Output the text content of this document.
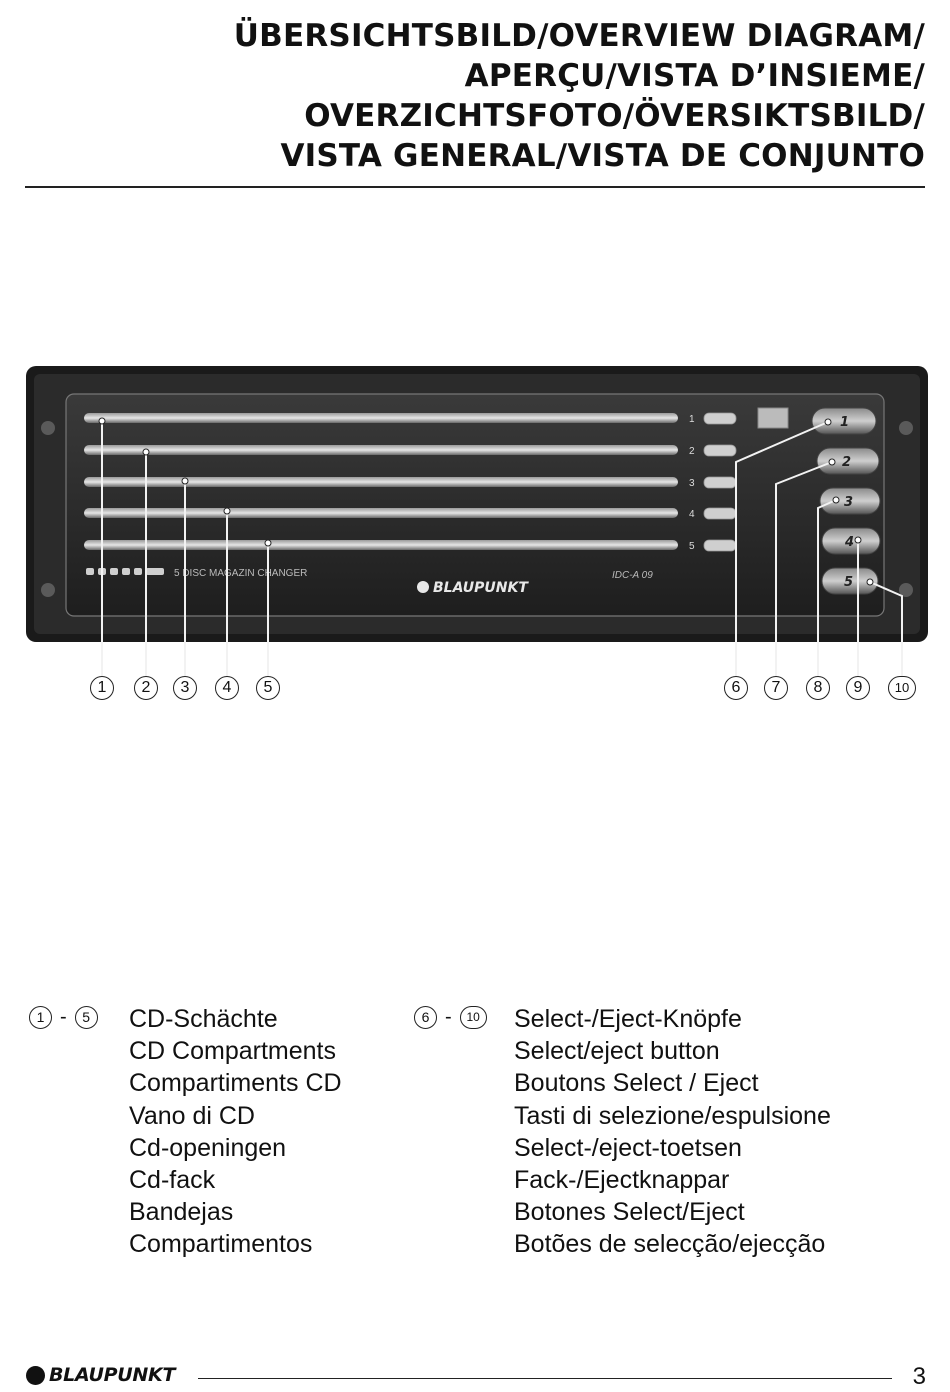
ÜBERSICHTSBILD/OVERVIEW DIAGRAM/
APERÇU/VISTA D’INSIEME/
OVERZICHTSFOTO/ÖVERSIKTSBILD/
VISTA GENERAL/VISTA DE CONJUNTO
1
2
3
4
5
1
2
3
4
5
5 DISC MAGAZIN CHANGER
BLAUPUNKT
IDC-A 09
1	2	3	4	5	6	7	8	9	10
1 -	5	CD-Schächte
CD Compartments
Compartiments CD
Vano di CD
Cd-openingen
Cd-fack
Bandejas
Compartimentos
6 -	10 Select-/Eject-Knöpfe
Select/eject button
Boutons Select / Eject
Tasti di selezione/espulsione
Select-/eject-toetsen
Fack-/Ejectknappar
Botones Select/Eject
Botões de selecção/ejecção
BLAUPUNKT	3
